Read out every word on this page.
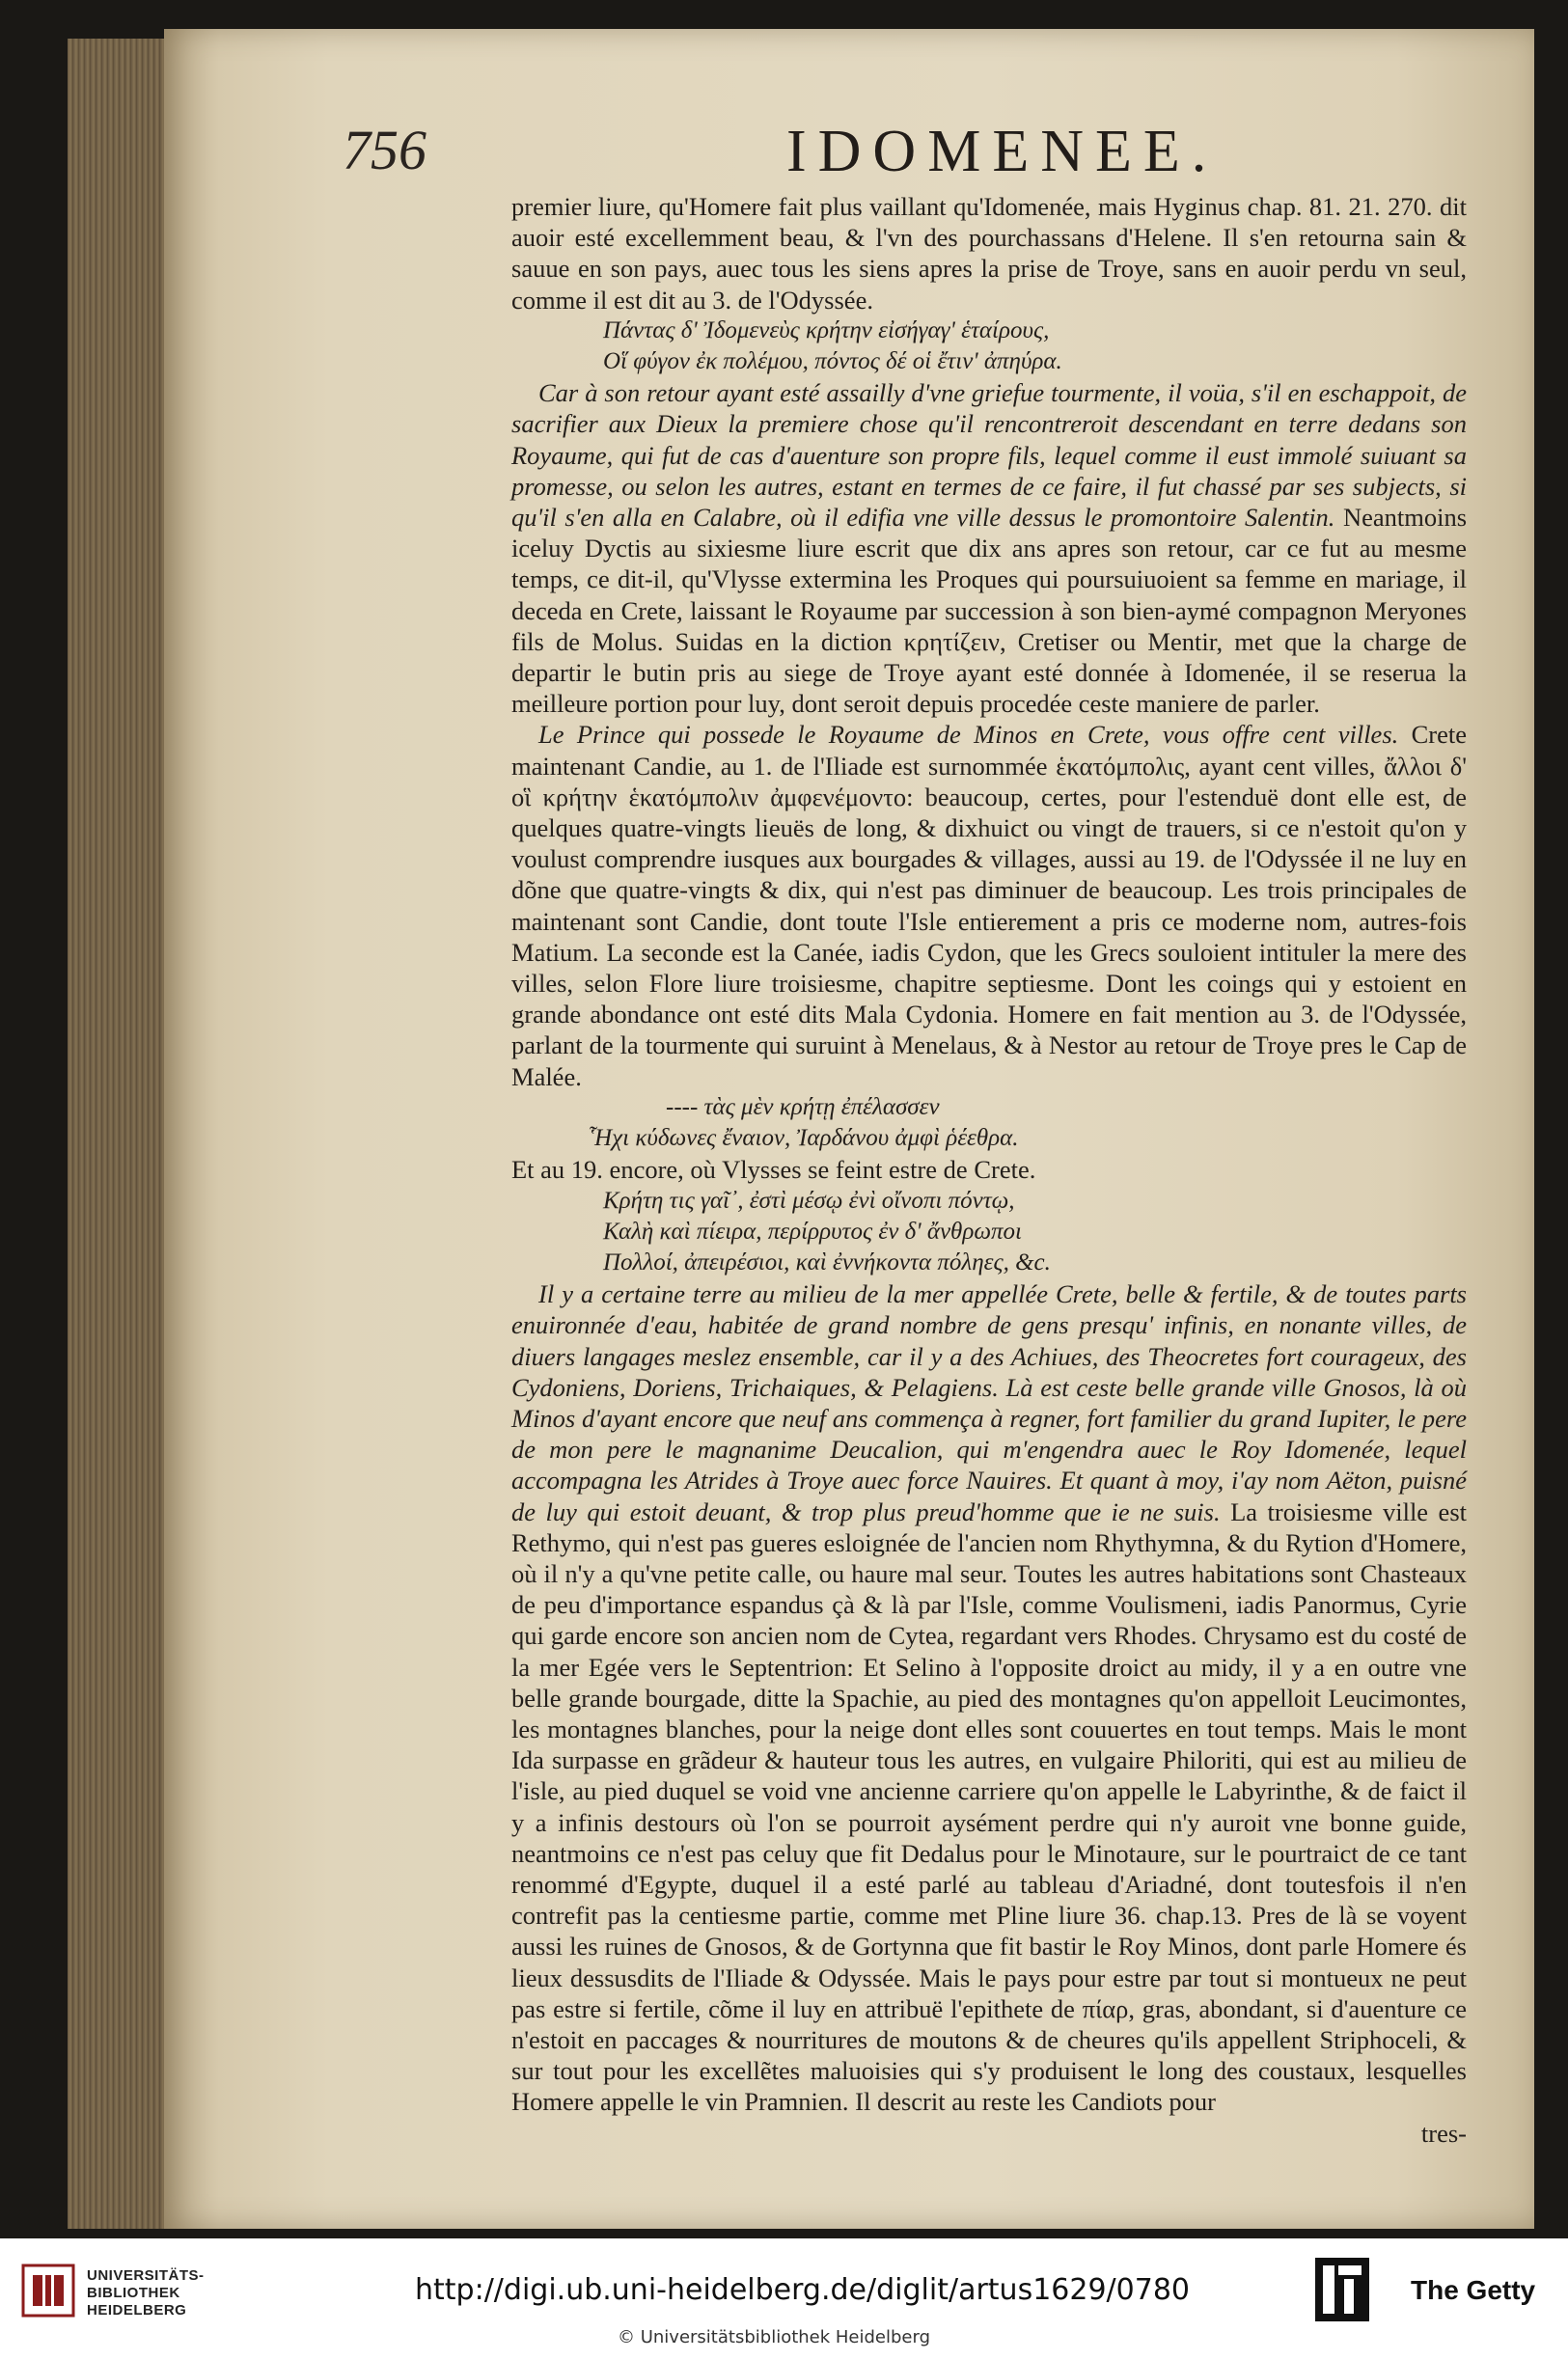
756	IDOMENEE.

premier liure, qu'Homere fait plus vaillant qu'Idomenée, mais Hyginus chap. 81. 21. 270. dit auoir esté excellemment beau, & l'vn des pourchassans d'Helene. Il s'en retourna sain & sauue en son pays, auec tous les siens apres la prise de Troye, sans en auoir perdu vn seul, comme il est dit au 3. de l'Odyssée.

Πάντας δ' Ἰδομενεὺς κρήτην εἰσήγαγ' ἑταίρους,

Οἵ φύγον ἐκ πολέμου, πόντος δέ οἱ ἔτιν' ἀπηύρα.

Car à son retour ayant esté assailly d'vne griefue tourmente, il voüa, s'il en eschappoit, de sacrifier aux Dieux la premiere chose qu'il rencontreroit descendant en terre dedans son Royaume, qui fut de cas d'auenture son propre fils, lequel comme il eust immolé suiuant sa promesse, ou selon les autres, estant en termes de ce faire, il fut chassé par ses subjects, si qu'il s'en alla en Calabre, où il edifia vne ville dessus le promontoire Salentin. Neantmoins iceluy Dyctis au sixiesme liure escrit que dix ans apres son retour, car ce fut au mesme temps, ce dit-il, qu'Vlysse extermina les Proques qui poursuiuoient sa femme en mariage, il deceda en Crete, laissant le Royaume par succession à son bien-aymé compagnon Meryones fils de Molus. Suidas en la diction κρητίζειν, Cretiser ou Mentir, met que la charge de departir le butin pris au siege de Troye ayant esté donnée à Idomenée, il se reserua la meilleure portion pour luy, dont seroit depuis procedée ceste maniere de parler.

Le Prince qui possede le Royaume de Minos en Crete, vous offre cent villes. Crete maintenant Candie, au 1. de l'Iliade est surnommée ἑκατόμπολις, ayant cent villes, ἄλλοι δ' οἳ κρήτην ἑκατόμπολιν ἀμφενέμοντο: beaucoup, certes, pour l'estenduë dont elle est, de quelques quatre-vingts lieuës de long, & dixhuict ou vingt de trauers, si ce n'estoit qu'on y voulust comprendre iusques aux bourgades & villages, aussi au 19. de l'Odyssée il ne luy en dõne que quatre-vingts & dix, qui n'est pas diminuer de beaucoup. Les trois principales de maintenant sont Candie, dont toute l'Isle entierement a pris ce moderne nom, autres-fois Matium. La seconde est la Canée, iadis Cydon, que les Grecs souloient intituler la mere des villes, selon Flore liure troisiesme, chapitre septiesme. Dont les coings qui y estoient en grande abondance ont esté dits Mala Cydonia. Homere en fait mention au 3. de l'Odyssée, parlant de la tourmente qui suruint à Menelaus, & à Nestor au retour de Troye pres le Cap de Malée.

---- τὰς μὲν κρήτῃ ἐπέλασσεν

Ἧχι κύδωνες ἔναιον, Ἰαρδάνου ἀμφὶ ῥέεθρα.

Et au 19. encore, où Vlysses se feint estre de Crete.

Κρήτη τις γαῖ᾽, ἐστὶ μέσῳ ἐνὶ οἴνοπι πόντῳ,

Καλὴ καὶ πίειρα, περίρρυτος ἐν δ' ἄνθρωποι

Πολλοί, ἀπειρέσιοι, καὶ ἐννήκοντα πόληες, &c.

Il y a certaine terre au milieu de la mer appellée Crete, belle & fertile, & de toutes parts enuironnée d'eau, habitée de grand nombre de gens presqu' infinis, en nonante villes, de diuers langages meslez ensemble, car il y a des Achiues, des Theocretes fort courageux, des Cydoniens, Doriens, Trichaiques, & Pelagiens. Là est ceste belle grande ville Gnosos, là où Minos d'ayant encore que neuf ans commença à regner, fort familier du grand Iupiter, le pere de mon pere le magnanime Deucalion, qui m'engendra auec le Roy Idomenée, lequel accompagna les Atrides à Troye auec force Nauires. Et quant à moy, i'ay nom Aëton, puisné de luy qui estoit deuant, & trop plus preud'homme que ie ne suis. La troisiesme ville est Rethymo, qui n'est pas gueres esloignée de l'ancien nom Rhythymna, & du Rytion d'Homere, où il n'y a qu'vne petite calle, ou haure mal seur. Toutes les autres habitations sont Chasteaux de peu d'importance espandus çà & là par l'Isle, comme Voulismeni, iadis Panormus, Cyrie qui garde encore son ancien nom de Cytea, regardant vers Rhodes. Chrysamo est du costé de la mer Egée vers le Septentrion: Et Selino à l'opposite droict au midy, il y a en outre vne belle grande bourgade, ditte la Spachie, au pied des montagnes qu'on appelloit Leucimontes, les montagnes blanches, pour la neige dont elles sont couuertes en tout temps. Mais le mont Ida surpasse en grãdeur & hauteur tous les autres, en vulgaire Philoriti, qui est au milieu de l'isle, au pied duquel se void vne ancienne carriere qu'on appelle le Labyrinthe, & de faict il y a infinis destours où l'on se pourroit aysément perdre qui n'y auroit vne bonne guide, neantmoins ce n'est pas celuy que fit Dedalus pour le Minotaure, sur le pourtraict de ce tant renommé d'Egypte, duquel il a esté parlé au tableau d'Ariadné, dont toutesfois il n'en contrefit pas la centiesme partie, comme met Pline liure 36. chap.13. Pres de là se voyent aussi les ruines de Gnosos, & de Gortynna que fit bastir le Roy Minos, dont parle Homere és lieux dessusdits de l'Iliade & Odyssée. Mais le pays pour estre par tout si montueux ne peut pas estre si fertile, cõme il luy en attribuë l'epithete de πίαρ, gras, abondant, si d'auenture ce n'estoit en paccages & nourritures de moutons & de cheures qu'ils appellent Striphoceli, & sur tout pour les excellẽtes maluoisies qui s'y produisent le long des coustaux, lesquelles Homere appelle le vin Pramnien. Il descrit au reste les Candiots pour

tres-

UNIVERSITÄTS-
BIBLIOTHEK
HEIDELBERG
http://digi.ub.uni-heidelberg.de/diglit/artus1629/0780
© Universitätsbibliothek Heidelberg
The Getty
